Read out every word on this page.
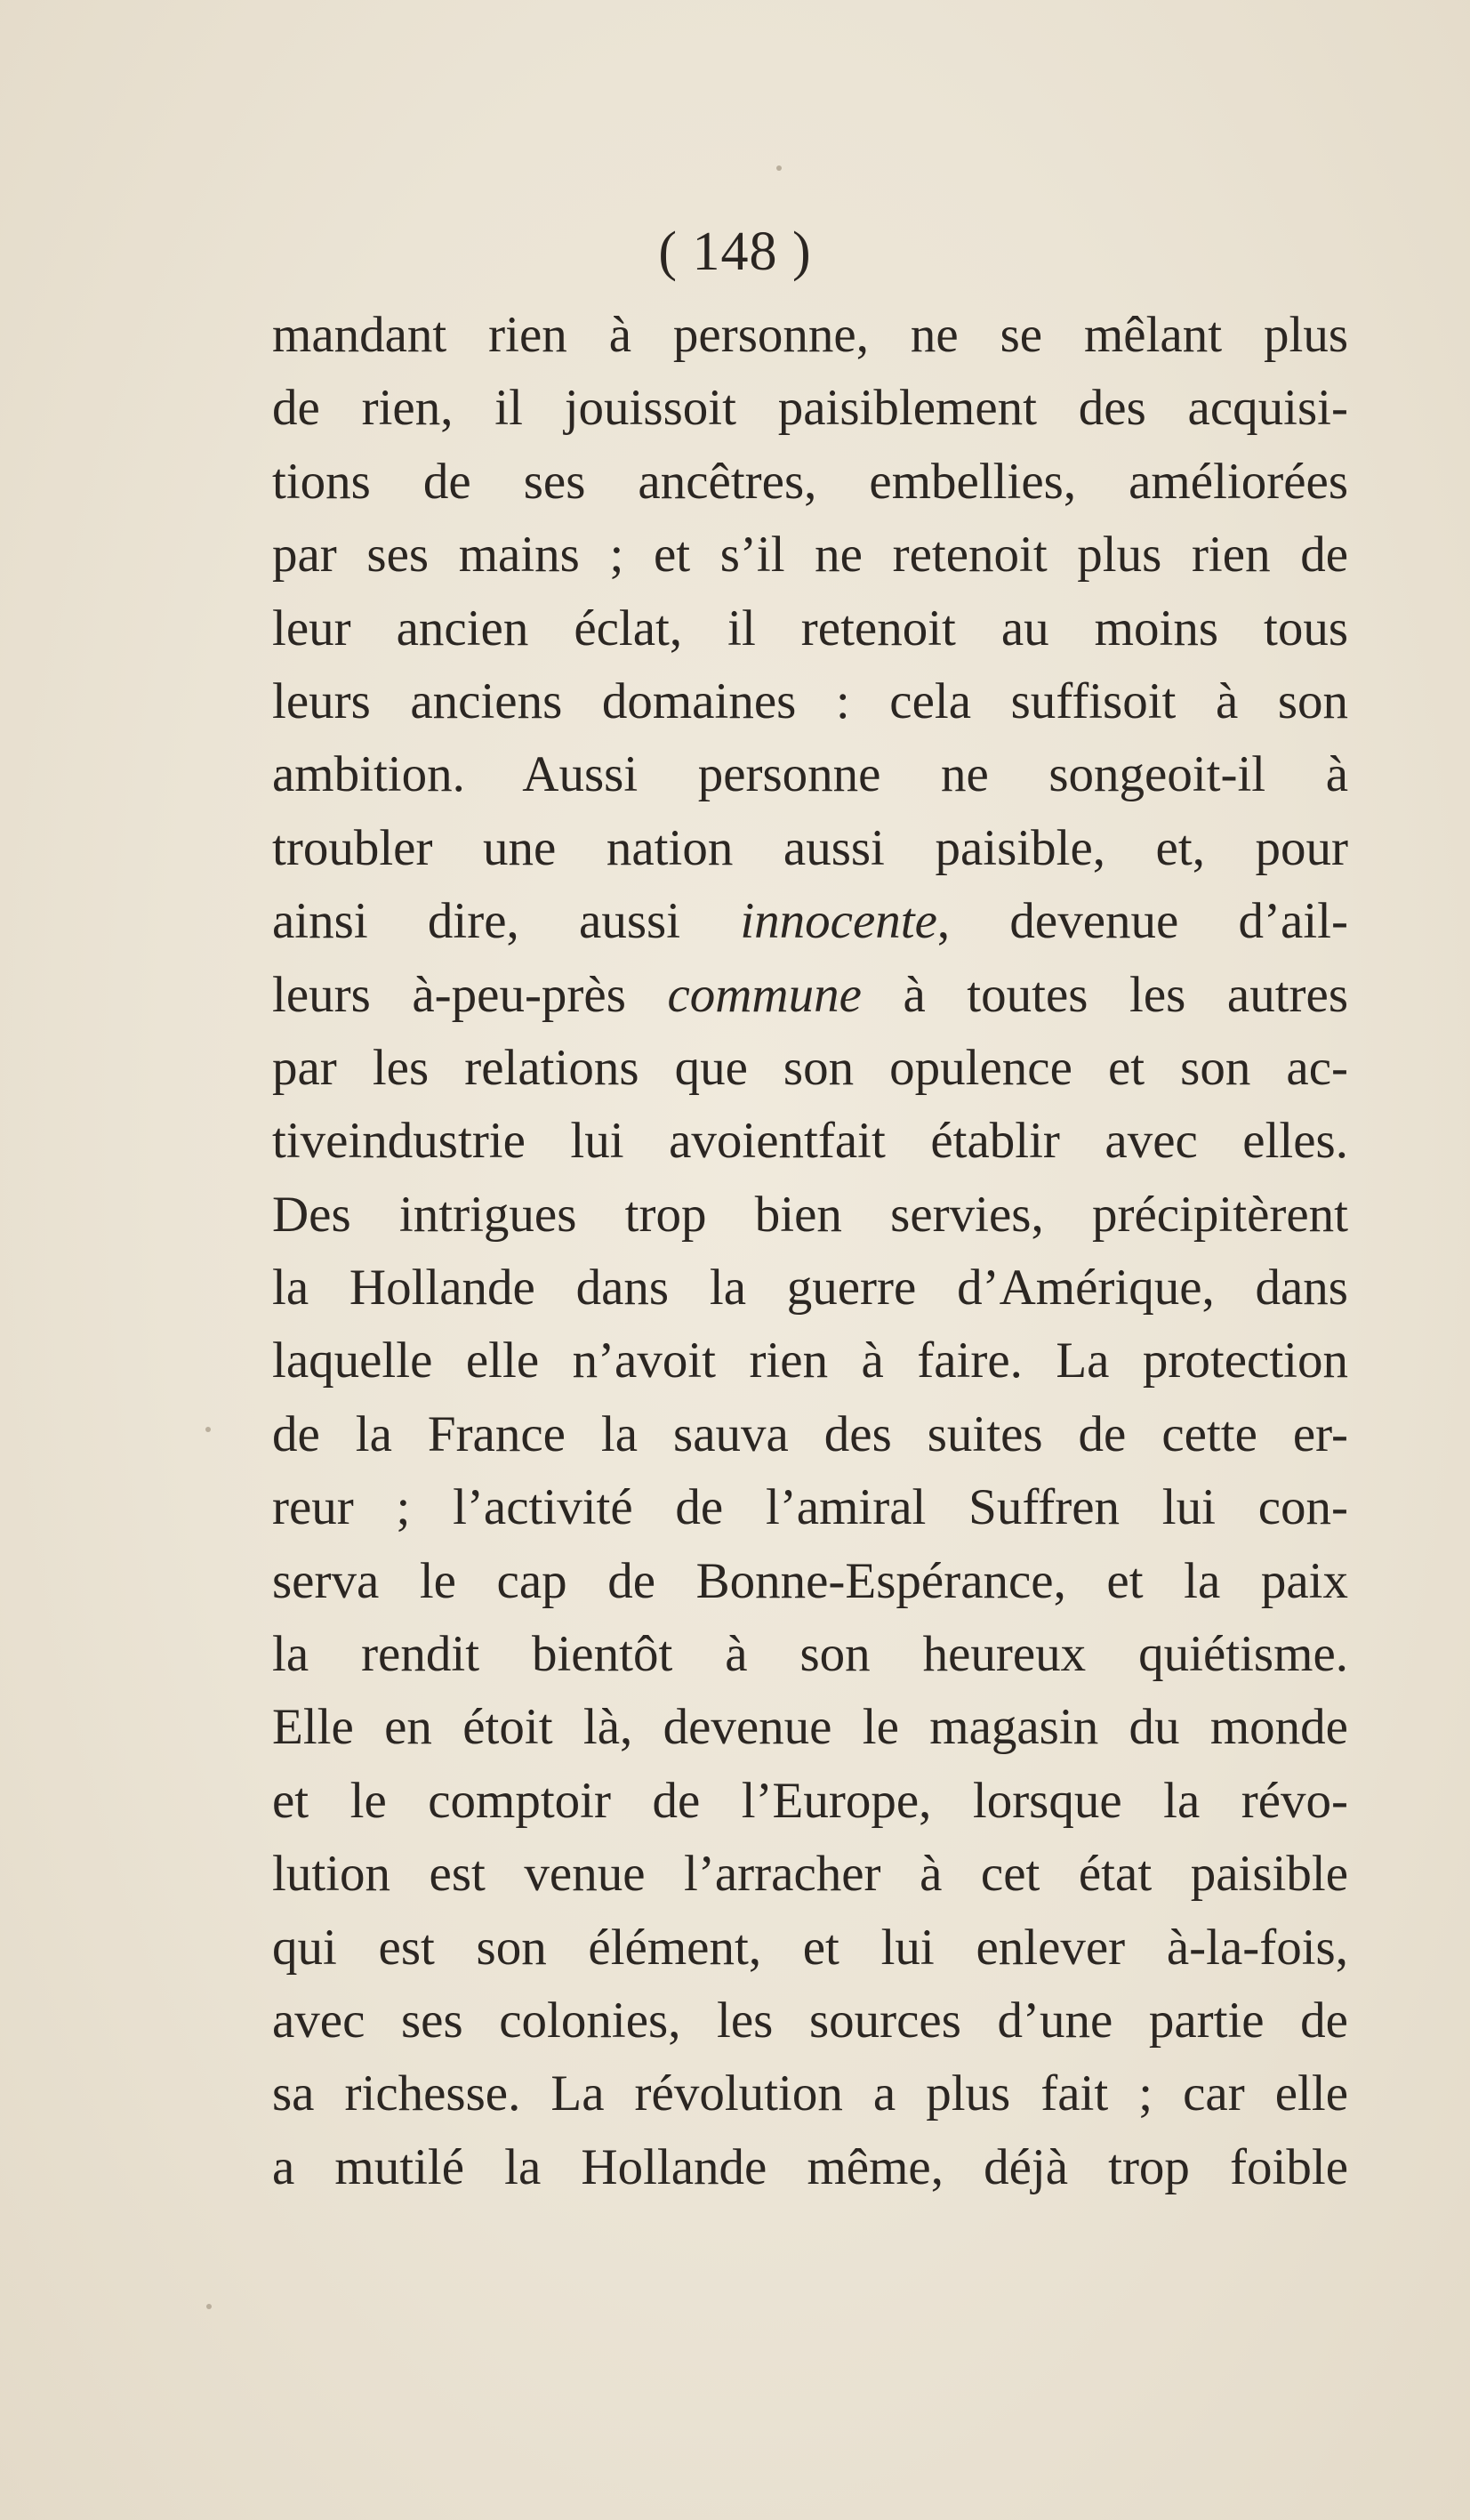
( 148 )
mandant rien à personne, ne se mêlant plus
de rien, il jouissoit paisiblement des acquisi-
tions de ses ancêtres, embellies, améliorées
par ses mains ; et s’il ne retenoit plus rien de
leur ancien éclat, il retenoit au moins tous
leurs anciens domaines : cela suffisoit à son
ambition. Aussi personne ne songeoit-il à
troubler une nation aussi paisible, et, pour
ainsi dire, aussi innocente, devenue d’ail-
leurs à-peu-près commune à toutes les autres
par les relations que son opulence et son ac-
tiveindustrie lui avoientfait établir avec elles.
Des intrigues trop bien servies, précipitèrent
la Hollande dans la guerre d’Amérique, dans
laquelle elle n’avoit rien à faire. La protection
de la France la sauva des suites de cette er-
reur ; l’activité de l’amiral Suffren lui con-
serva le cap de Bonne-Espérance, et la paix
la rendit bientôt à son heureux quiétisme.
Elle en étoit là, devenue le magasin du monde
et le comptoir de l’Europe, lorsque la révo-
lution est venue l’arracher à cet état paisible
qui est son élément, et lui enlever à-la-fois,
avec ses colonies, les sources d’une partie de
sa richesse. La révolution a plus fait ; car elle
a mutilé la Hollande même, déjà trop foible
